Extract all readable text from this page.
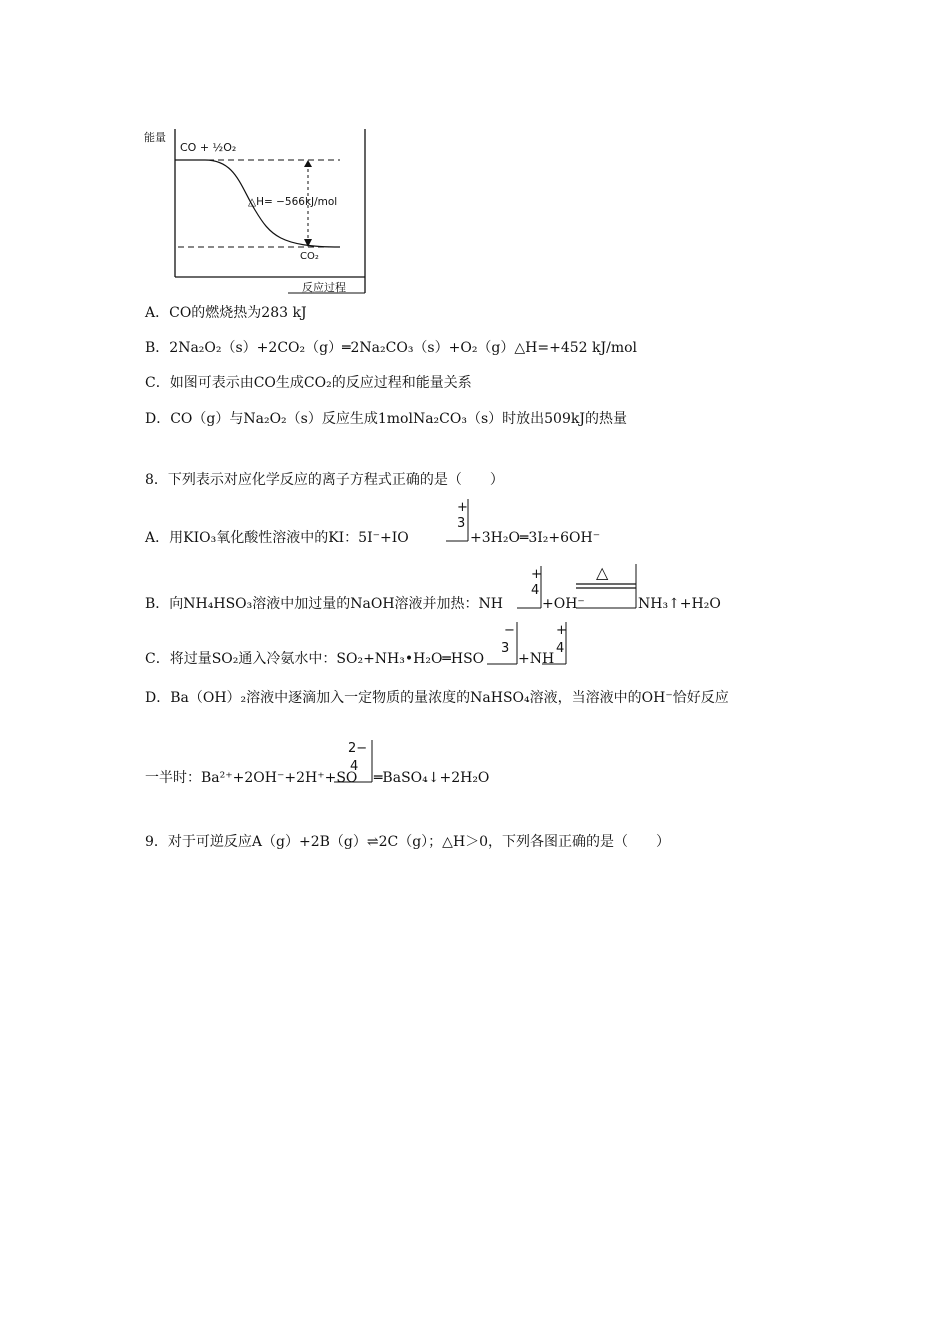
能量
CO + ½O₂
△H= −566kJ/mol
CO₂
反应过程
A．CO的燃烧热为283 kJ
B．2Na₂O₂（s）+2CO₂（g）═2Na₂CO₃（s）+O₂（g）△H=+452 kJ/mol
C．如图可表示由CO生成CO₂的反应过程和能量关系
D．CO（g）与Na₂O₂（s）反应生成1molNa₂CO₃（s）时放出509kJ的热量
8．下列表示对应化学反应的离子方程式正确的是（　　）
A．用KIO₃氧化酸性溶液中的KI：5I⁻+IO
+
3
+3H₂O═3I₂+6OH⁻
B．向NH₄HSO₃溶液中加过量的NaOH溶液并加热：NH
+
4
+OH⁻
△
NH₃↑+H₂O
C．将过量SO₂通入冷氨水中：SO₂+NH₃•H₂O═HSO
−
3
+NH
+
4
D．Ba（OH）₂溶液中逐滴加入一定物质的量浓度的NaHSO₄溶液，当溶液中的OH⁻恰好反应
一半时：Ba²⁺+2OH⁻+2H⁺+SO
2−
4
═BaSO₄↓+2H₂O
9．对于可逆反应A（g）+2B（g）⇌2C（g）；△H＞0，下列各图正确的是（　　）
